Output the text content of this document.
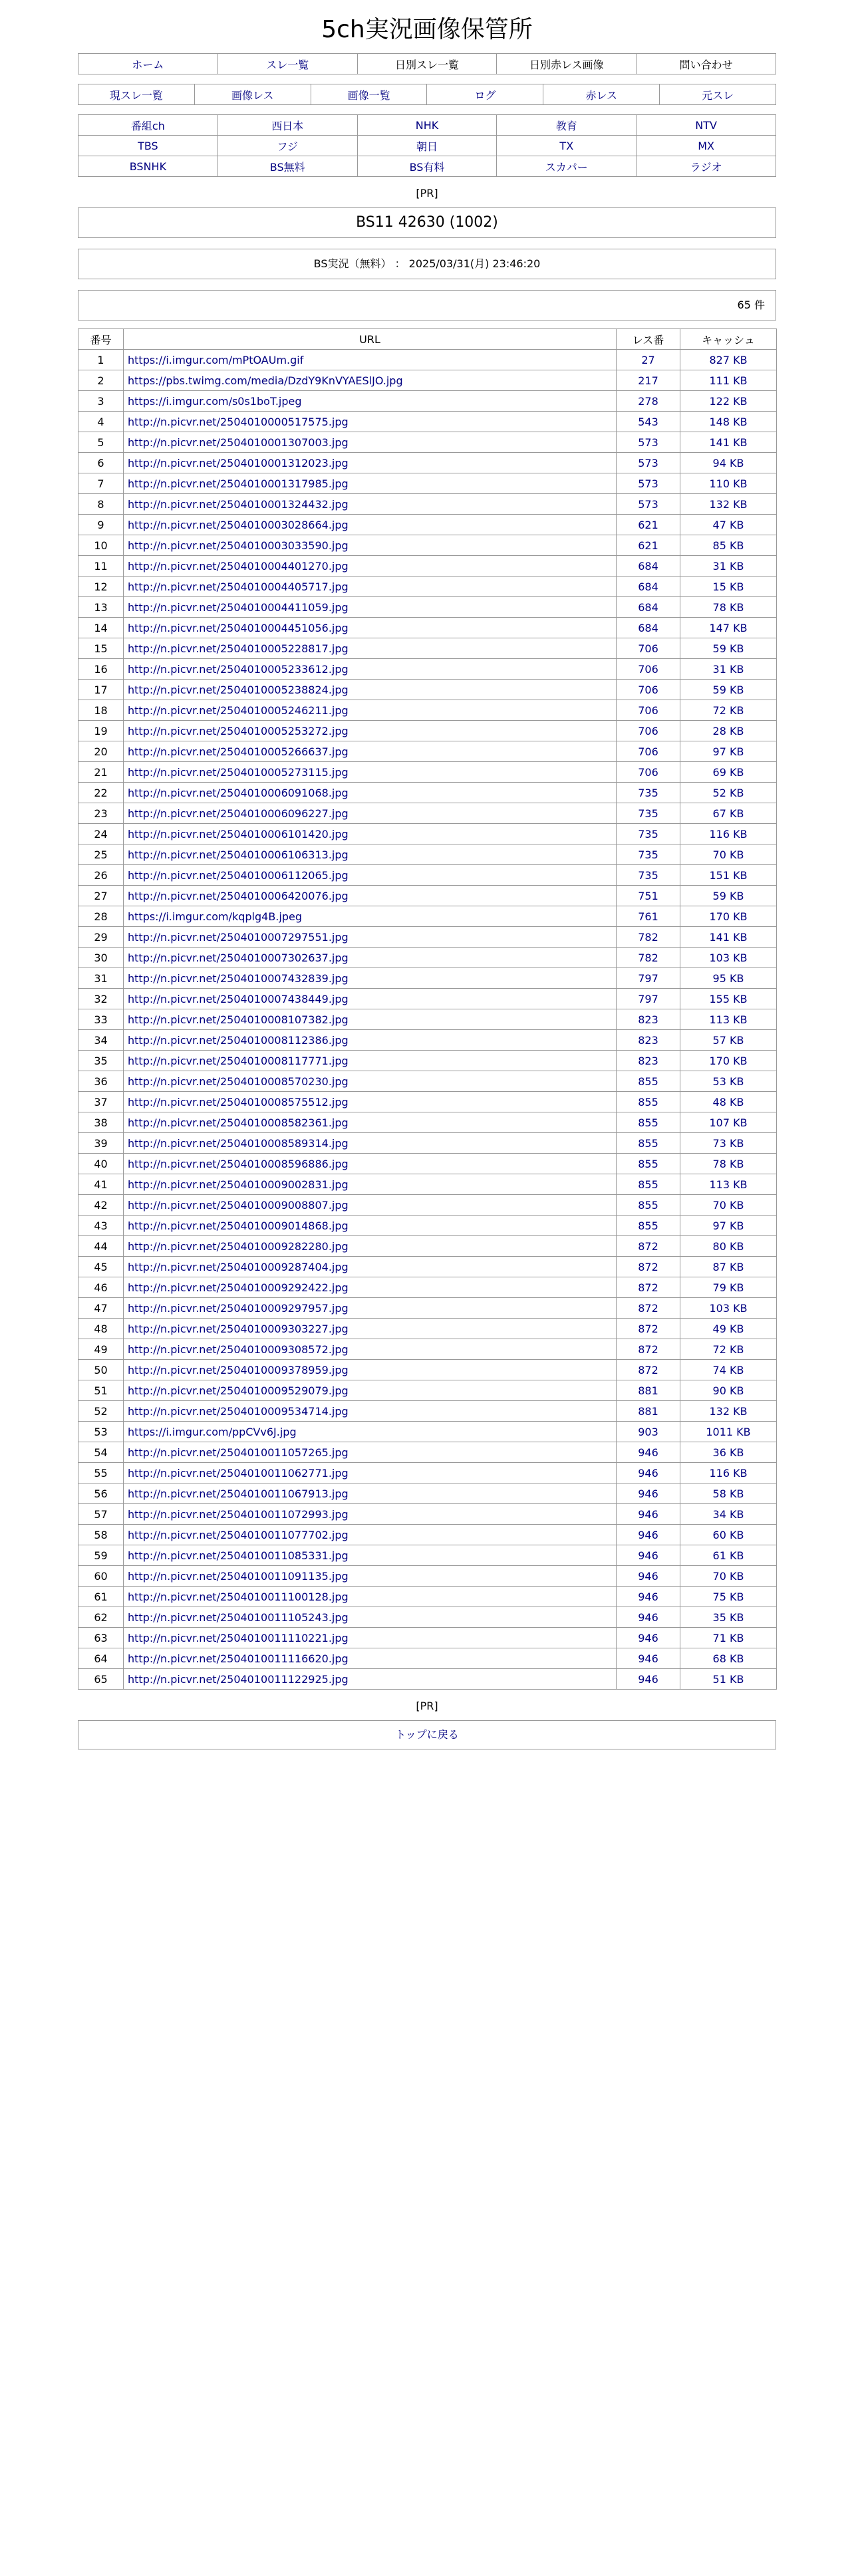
5ch実況画像保管所
ホーム	スレ一覧	日別スレ一覧	日別赤レス画像	問い合わせ
現スレ一覧	画像レス	画像一覧	ログ	赤レス	元スレ
番組ch	西日本	NHK	教育	NTV
TBS	フジ	朝日	TX	MX
BSNHK	BS無料	BS有料	スカパー	ラジオ
[PR]
BS11 42630 (1002)
BS実況（無料） ： 2025/03/31(月) 23:46:20
65 件
番号	URL	レス番	キャッシュ
1	https://i.imgur.com/mPtOAUm.gif	27	827 KB
2	https://pbs.twimg.com/media/DzdY9KnVYAESlJO.jpg	217	111 KB
3	https://i.imgur.com/s0s1boT.jpeg	278	122 KB
4	http://n.picvr.net/2504010000517575.jpg	543	148 KB
5	http://n.picvr.net/2504010001307003.jpg	573	141 KB
6	http://n.picvr.net/2504010001312023.jpg	573	94 KB
7	http://n.picvr.net/2504010001317985.jpg	573	110 KB
8	http://n.picvr.net/2504010001324432.jpg	573	132 KB
9	http://n.picvr.net/2504010003028664.jpg	621	47 KB
10	http://n.picvr.net/2504010003033590.jpg	621	85 KB
11	http://n.picvr.net/2504010004401270.jpg	684	31 KB
12	http://n.picvr.net/2504010004405717.jpg	684	15 KB
13	http://n.picvr.net/2504010004411059.jpg	684	78 KB
14	http://n.picvr.net/2504010004451056.jpg	684	147 KB
15	http://n.picvr.net/2504010005228817.jpg	706	59 KB
16	http://n.picvr.net/2504010005233612.jpg	706	31 KB
17	http://n.picvr.net/2504010005238824.jpg	706	59 KB
18	http://n.picvr.net/2504010005246211.jpg	706	72 KB
19	http://n.picvr.net/2504010005253272.jpg	706	28 KB
20	http://n.picvr.net/2504010005266637.jpg	706	97 KB
21	http://n.picvr.net/2504010005273115.jpg	706	69 KB
22	http://n.picvr.net/2504010006091068.jpg	735	52 KB
23	http://n.picvr.net/2504010006096227.jpg	735	67 KB
24	http://n.picvr.net/2504010006101420.jpg	735	116 KB
25	http://n.picvr.net/2504010006106313.jpg	735	70 KB
26	http://n.picvr.net/2504010006112065.jpg	735	151 KB
27	http://n.picvr.net/2504010006420076.jpg	751	59 KB
28	https://i.imgur.com/kqplg4B.jpeg	761	170 KB
29	http://n.picvr.net/2504010007297551.jpg	782	141 KB
30	http://n.picvr.net/2504010007302637.jpg	782	103 KB
31	http://n.picvr.net/2504010007432839.jpg	797	95 KB
32	http://n.picvr.net/2504010007438449.jpg	797	155 KB
33	http://n.picvr.net/2504010008107382.jpg	823	113 KB
34	http://n.picvr.net/2504010008112386.jpg	823	57 KB
35	http://n.picvr.net/2504010008117771.jpg	823	170 KB
36	http://n.picvr.net/2504010008570230.jpg	855	53 KB
37	http://n.picvr.net/2504010008575512.jpg	855	48 KB
38	http://n.picvr.net/2504010008582361.jpg	855	107 KB
39	http://n.picvr.net/2504010008589314.jpg	855	73 KB
40	http://n.picvr.net/2504010008596886.jpg	855	78 KB
41	http://n.picvr.net/2504010009002831.jpg	855	113 KB
42	http://n.picvr.net/2504010009008807.jpg	855	70 KB
43	http://n.picvr.net/2504010009014868.jpg	855	97 KB
44	http://n.picvr.net/2504010009282280.jpg	872	80 KB
45	http://n.picvr.net/2504010009287404.jpg	872	87 KB
46	http://n.picvr.net/2504010009292422.jpg	872	79 KB
47	http://n.picvr.net/2504010009297957.jpg	872	103 KB
48	http://n.picvr.net/2504010009303227.jpg	872	49 KB
49	http://n.picvr.net/2504010009308572.jpg	872	72 KB
50	http://n.picvr.net/2504010009378959.jpg	872	74 KB
51	http://n.picvr.net/2504010009529079.jpg	881	90 KB
52	http://n.picvr.net/2504010009534714.jpg	881	132 KB
53	https://i.imgur.com/ppCVv6J.jpg	903	1011 KB
54	http://n.picvr.net/2504010011057265.jpg	946	36 KB
55	http://n.picvr.net/2504010011062771.jpg	946	116 KB
56	http://n.picvr.net/2504010011067913.jpg	946	58 KB
57	http://n.picvr.net/2504010011072993.jpg	946	34 KB
58	http://n.picvr.net/2504010011077702.jpg	946	60 KB
59	http://n.picvr.net/2504010011085331.jpg	946	61 KB
60	http://n.picvr.net/2504010011091135.jpg	946	70 KB
61	http://n.picvr.net/2504010011100128.jpg	946	75 KB
62	http://n.picvr.net/2504010011105243.jpg	946	35 KB
63	http://n.picvr.net/2504010011110221.jpg	946	71 KB
64	http://n.picvr.net/2504010011116620.jpg	946	68 KB
65	http://n.picvr.net/2504010011122925.jpg	946	51 KB
[PR]
トップに戻る
